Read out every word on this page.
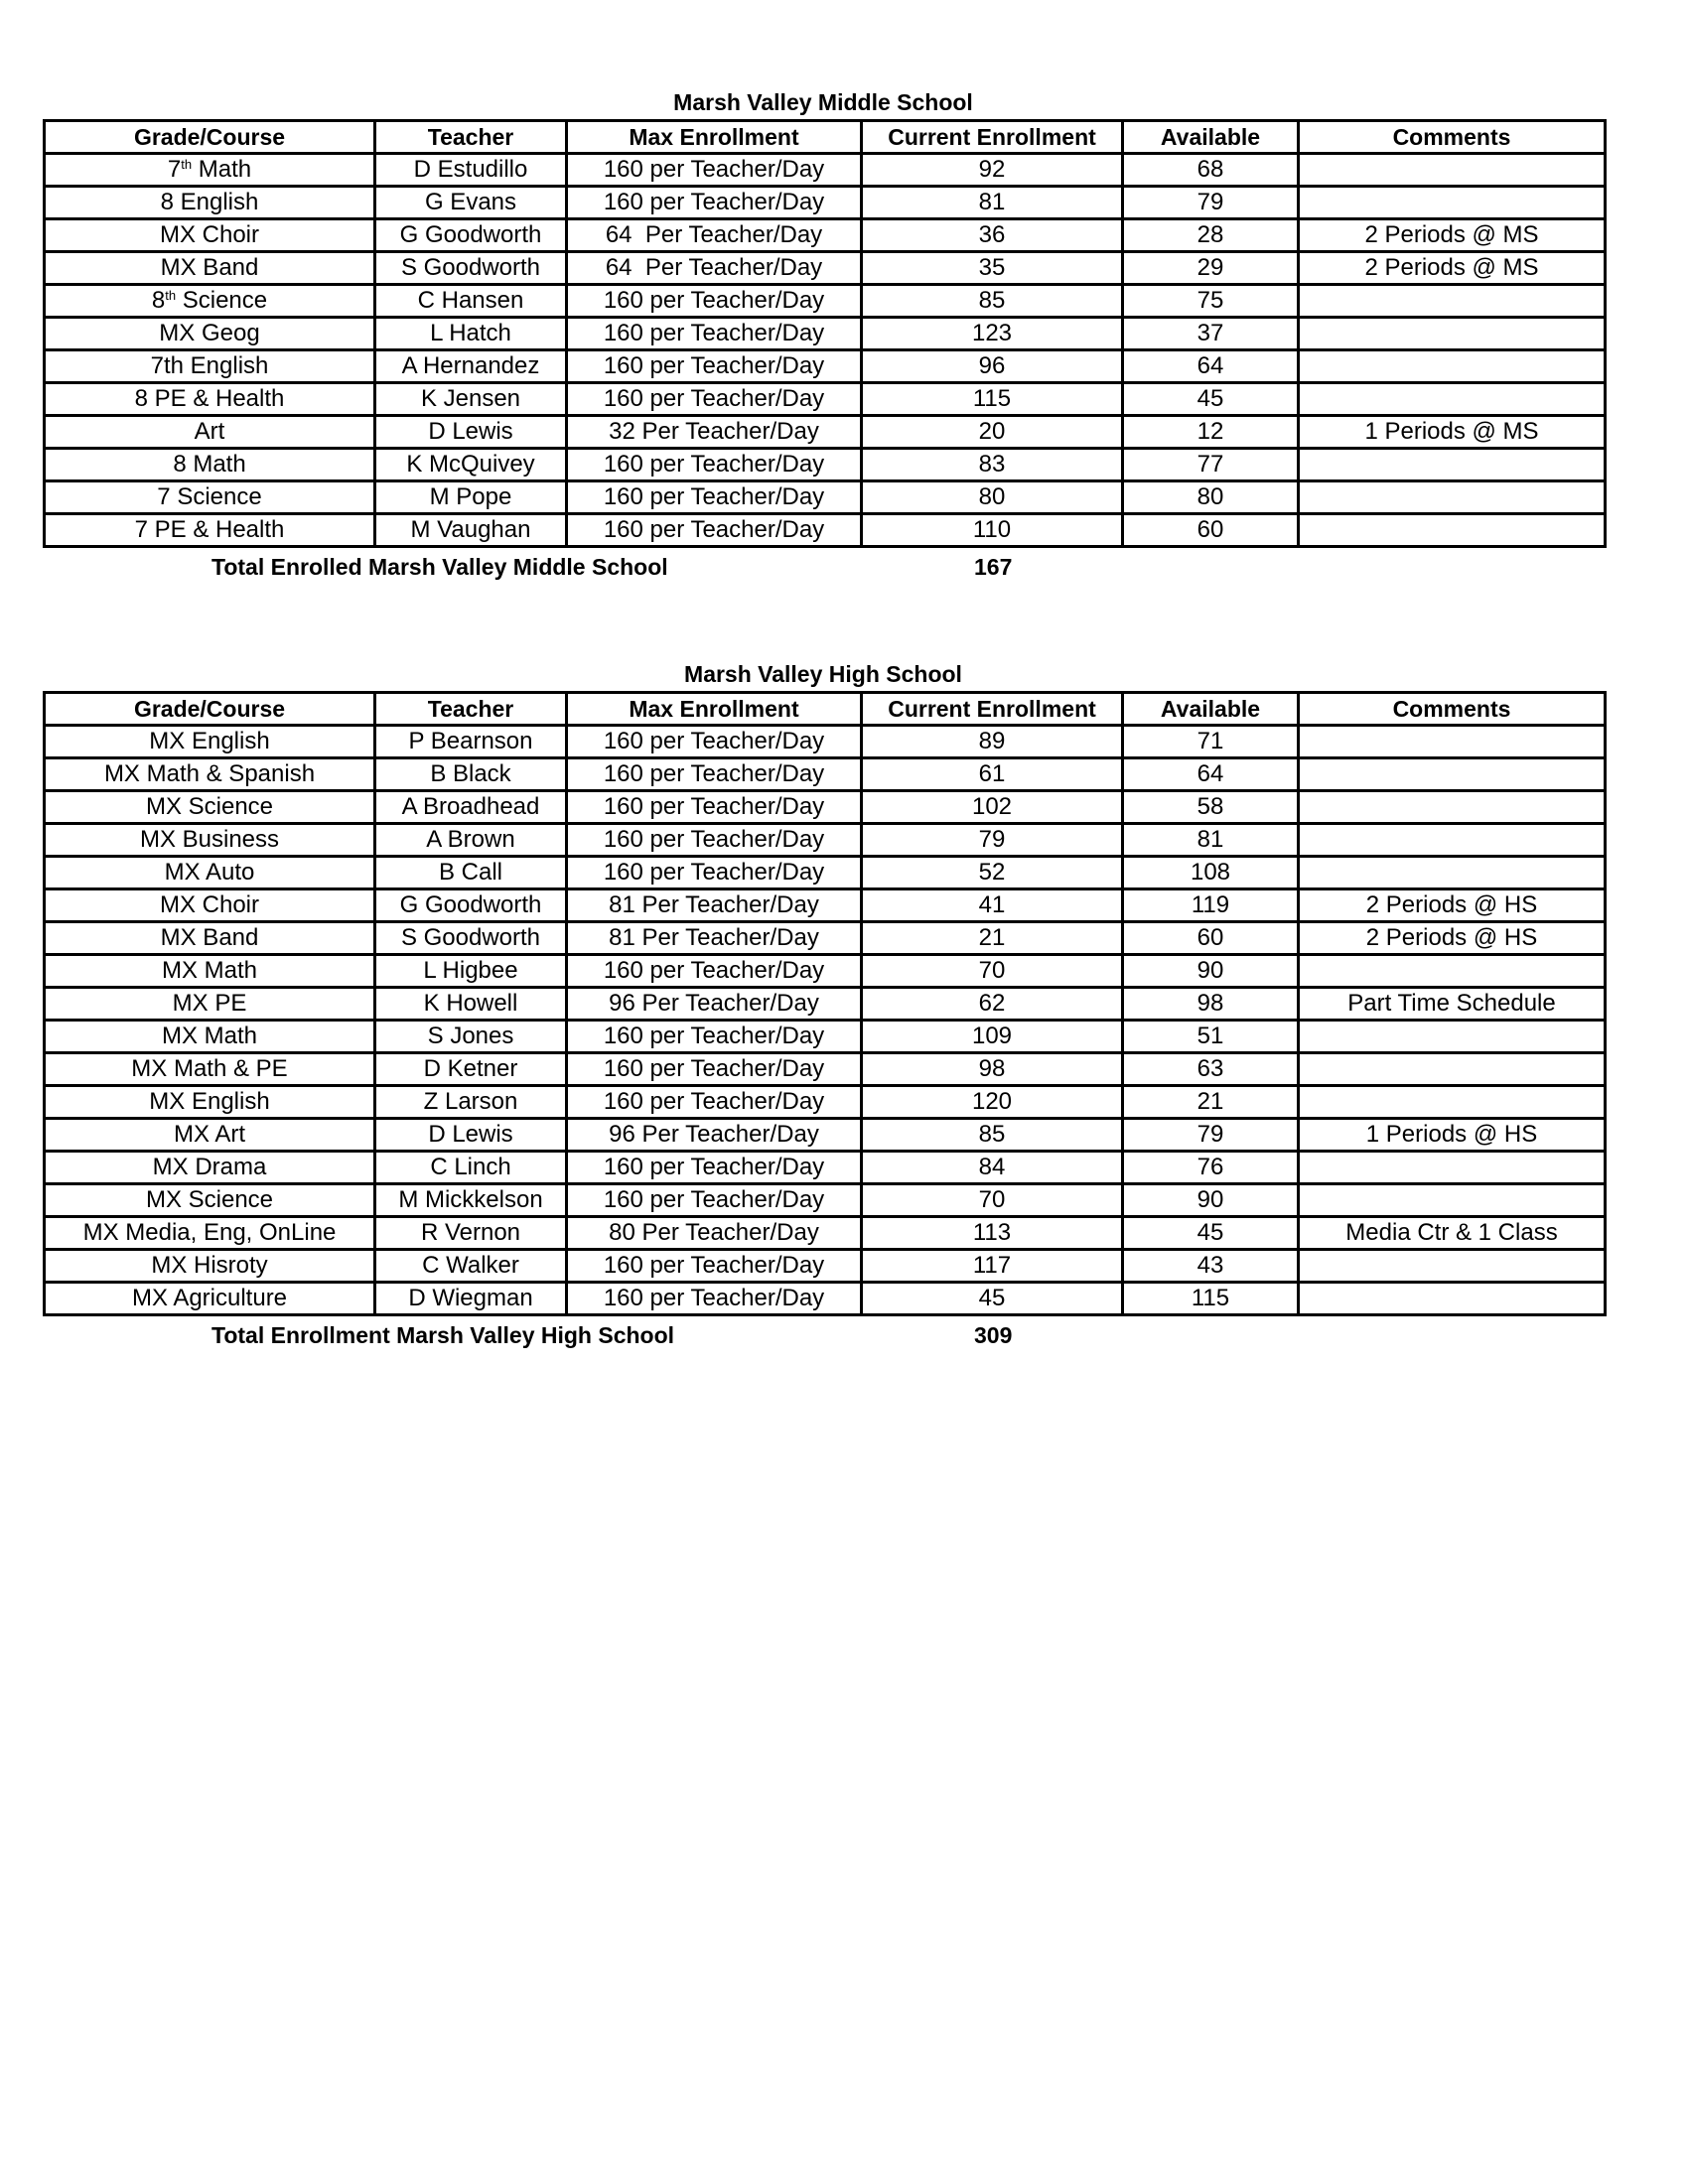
Marsh Valley Middle School
Grade/Course	Teacher	Max Enrollment	Current Enrollment	Available	Comments
7th Math	D Estudillo	160 per Teacher/Day	92	68	
8 English	G Evans	160 per Teacher/Day	81	79	
MX Choir	G Goodworth	64  Per Teacher/Day	36	28	2 Periods @ MS
MX Band	S Goodworth	64  Per Teacher/Day	35	29	2 Periods @ MS
8th Science	C Hansen	160 per Teacher/Day	85	75	
MX Geog	L Hatch	160 per Teacher/Day	123	37	
7th English	A Hernandez	160 per Teacher/Day	96	64	
8 PE & Health	K Jensen	160 per Teacher/Day	115	45	
Art	D Lewis	32 Per Teacher/Day	20	12	1 Periods @ MS
8 Math	K McQuivey	160 per Teacher/Day	83	77	
7 Science	M Pope	160 per Teacher/Day	80	80	
7 PE & Health	M Vaughan	160 per Teacher/Day	110	60	
Total Enrolled Marsh Valley Middle School	167
Marsh Valley High School
Grade/Course	Teacher	Max Enrollment	Current Enrollment	Available	Comments
MX English	P Bearnson	160 per Teacher/Day	89	71	
MX Math & Spanish	B Black	160 per Teacher/Day	61	64	
MX Science	A Broadhead	160 per Teacher/Day	102	58	
MX Business	A Brown	160 per Teacher/Day	79	81	
MX Auto	B Call	160 per Teacher/Day	52	108	
MX Choir	G Goodworth	81 Per Teacher/Day	41	119	2 Periods @ HS
MX Band	S Goodworth	81 Per Teacher/Day	21	60	2 Periods @ HS
MX Math	L Higbee	160 per Teacher/Day	70	90	
MX PE	K Howell	96 Per Teacher/Day	62	98	Part Time Schedule
MX Math	S Jones	160 per Teacher/Day	109	51	
MX Math & PE	D Ketner	160 per Teacher/Day	98	63	
MX English	Z Larson	160 per Teacher/Day	120	21	
MX Art	D Lewis	96 Per Teacher/Day	85	79	1 Periods @ HS
MX Drama	C Linch	160 per Teacher/Day	84	76	
MX Science	M Mickkelson	160 per Teacher/Day	70	90	
MX Media, Eng, OnLine	R Vernon	80 Per Teacher/Day	113	45	Media Ctr & 1 Class
MX Hisroty	C Walker	160 per Teacher/Day	117	43	
MX Agriculture	D Wiegman	160 per Teacher/Day	45	115	
Total Enrollment Marsh Valley High School	309
